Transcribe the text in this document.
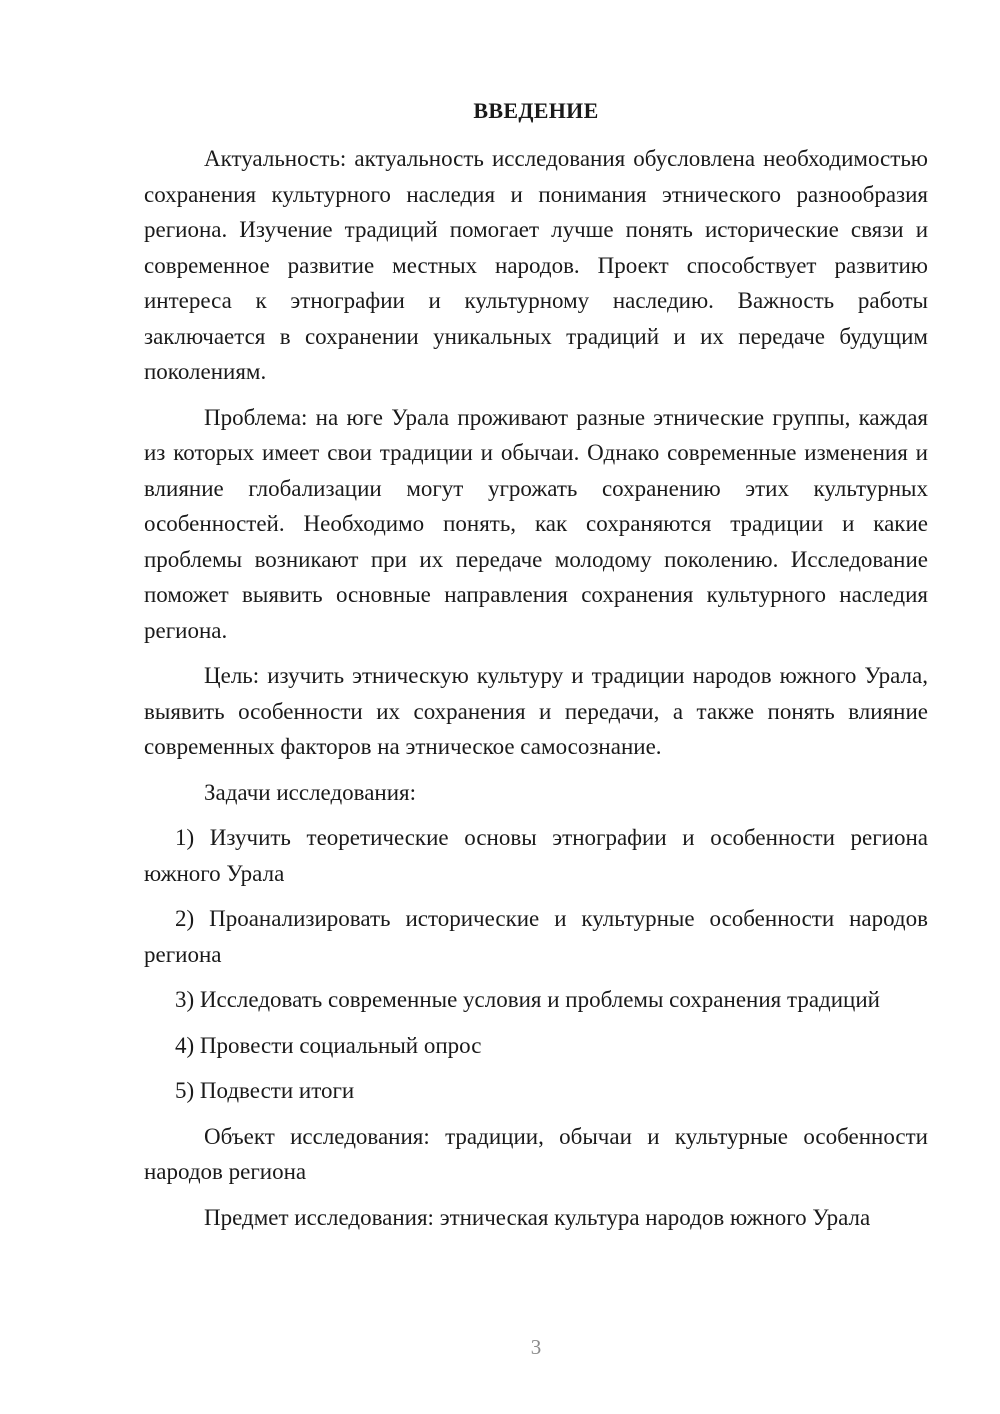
ВВЕДЕНИЕ

Актуальность: актуальность исследования обусловлена необходимостью сохранения культурного наследия и понимания этнического разнообразия региона. Изучение традиций помогает лучше понять исторические связи и современное развитие местных народов. Проект способствует развитию интереса к этнографии и культурному наследию. Важность работы заключается в сохранении уникальных традиций и их передаче будущим поколениям.

Проблема: на юге Урала проживают разные этнические группы, каждая из которых имеет свои традиции и обычаи. Однако современные изменения и влияние глобализации могут угрожать сохранению этих культурных особенностей. Необходимо понять, как сохраняются традиции и какие проблемы возникают при их передаче молодому поколению. Исследование поможет выявить основные направления сохранения культурного наследия региона.

Цель: изучить этническую культуру и традиции народов южного Урала, выявить особенности их сохранения и передачи, а также понять влияние современных факторов на этническое самосознание.

Задачи исследования:

1) Изучить теоретические основы этнографии и особенности региона южного Урала

2) Проанализировать исторические и культурные особенности народов региона

3) Исследовать современные условия и проблемы сохранения традиций

4) Провести социальный опрос

5) Подвести итоги

Объект исследования: традиции, обычаи и культурные особенности народов региона

Предмет исследования: этническая культура народов южного Урала

3
